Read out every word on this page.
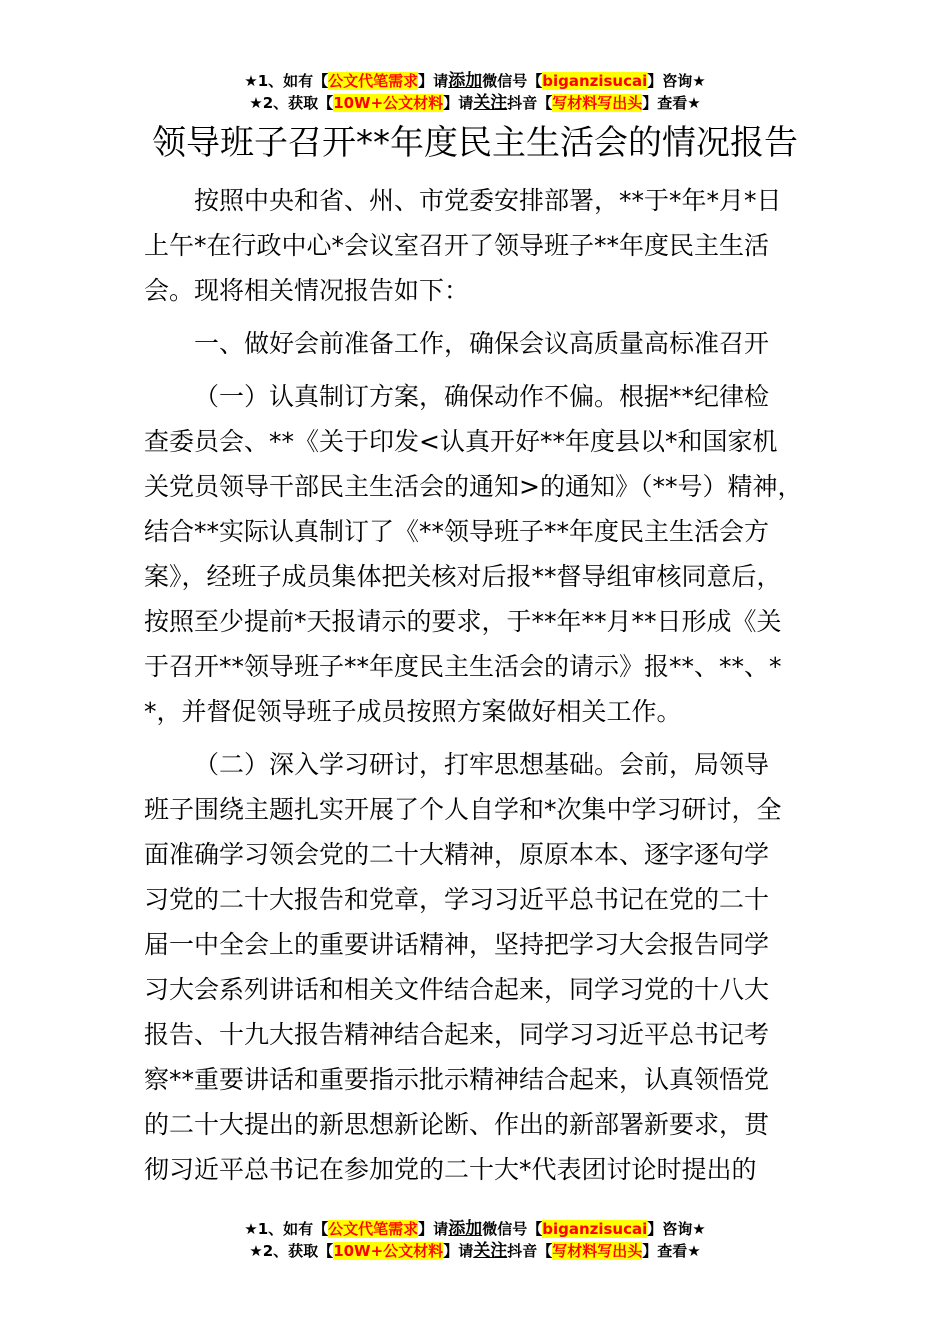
★1、如有【公文代笔需求】请添加微信号【biganzisucai】咨询★
★2、获取【10W+公文材料】请关注抖音【写材料写出头】查看★
领导班子召开**年度民主生活会的情况报告
按照中央和省、州、市党委安排部署，**于*年*月*日
上午*在行政中心*会议室召开了领导班子**年度民主生活
会。现将相关情况报告如下：
一、做好会前准备工作，确保会议高质量高标准召开
（一）认真制订方案，确保动作不偏。根据**纪律检
查委员会、**《关于印发<认真开好**年度县以*和国家机
关党员领导干部民主生活会的通知>的通知》（**号）精神，
结合**实际认真制订了《**领导班子**年度民主生活会方
案》，经班子成员集体把关核对后报**督导组审核同意后，
按照至少提前*天报请示的要求，于**年**月**日形成《关
于召开**领导班子**年度民主生活会的请示》报**、**、*
*，并督促领导班子成员按照方案做好相关工作。
（二）深入学习研讨，打牢思想基础。会前，局领导
班子围绕主题扎实开展了个人自学和*次集中学习研讨，全
面准确学习领会党的二十大精神，原原本本、逐字逐句学
习党的二十大报告和党章，学习习近平总书记在党的二十
届一中全会上的重要讲话精神，坚持把学习大会报告同学
习大会系列讲话和相关文件结合起来，同学习党的十八大
报告、十九大报告精神结合起来，同学习习近平总书记考
察**重要讲话和重要指示批示精神结合起来，认真领悟党
的二十大提出的新思想新论断、作出的新部署新要求，贯
彻习近平总书记在参加党的二十大*代表团讨论时提出的
★1、如有【公文代笔需求】请添加微信号【biganzisucai】咨询★
★2、获取【10W+公文材料】请关注抖音【写材料写出头】查看★
